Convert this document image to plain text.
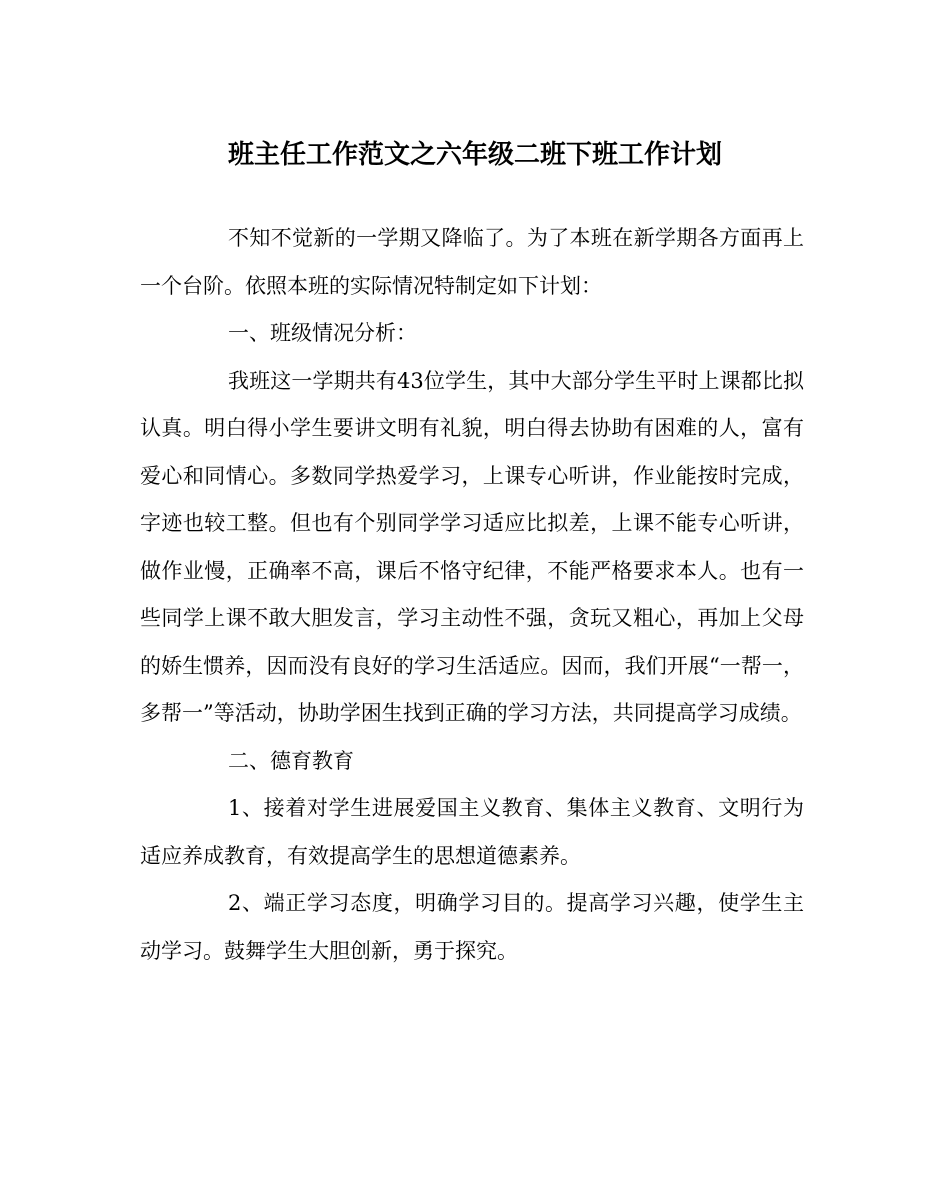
班主任工作范文之六年级二班下班工作计划

不知不觉新的一学期又降临了。为了本班在新学期各方面再上一个台阶。依照本班的实际情况特制定如下计划：

一、班级情况分析：

我班这一学期共有43位学生，其中大部分学生平时上课都比拟认真。明白得小学生要讲文明有礼貌，明白得去协助有困难的人，富有爱心和同情心。多数同学热爱学习，上课专心听讲，作业能按时完成，字迹也较工整。但也有个别同学学习适应比拟差，上课不能专心听讲，做作业慢，正确率不高，课后不恪守纪律，不能严格要求本人。也有一些同学上课不敢大胆发言，学习主动性不强，贪玩又粗心，再加上父母的娇生惯养，因而没有良好的学习生活适应。因而，我们开展“一帮一，多帮一”等活动，协助学困生找到正确的学习方法，共同提高学习成绩。

二、德育教育

1、接着对学生进展爱国主义教育、集体主义教育、文明行为适应养成教育，有效提高学生的思想道德素养。

2、端正学习态度，明确学习目的。提高学习兴趣，使学生主动学习。鼓舞学生大胆创新，勇于探究。
